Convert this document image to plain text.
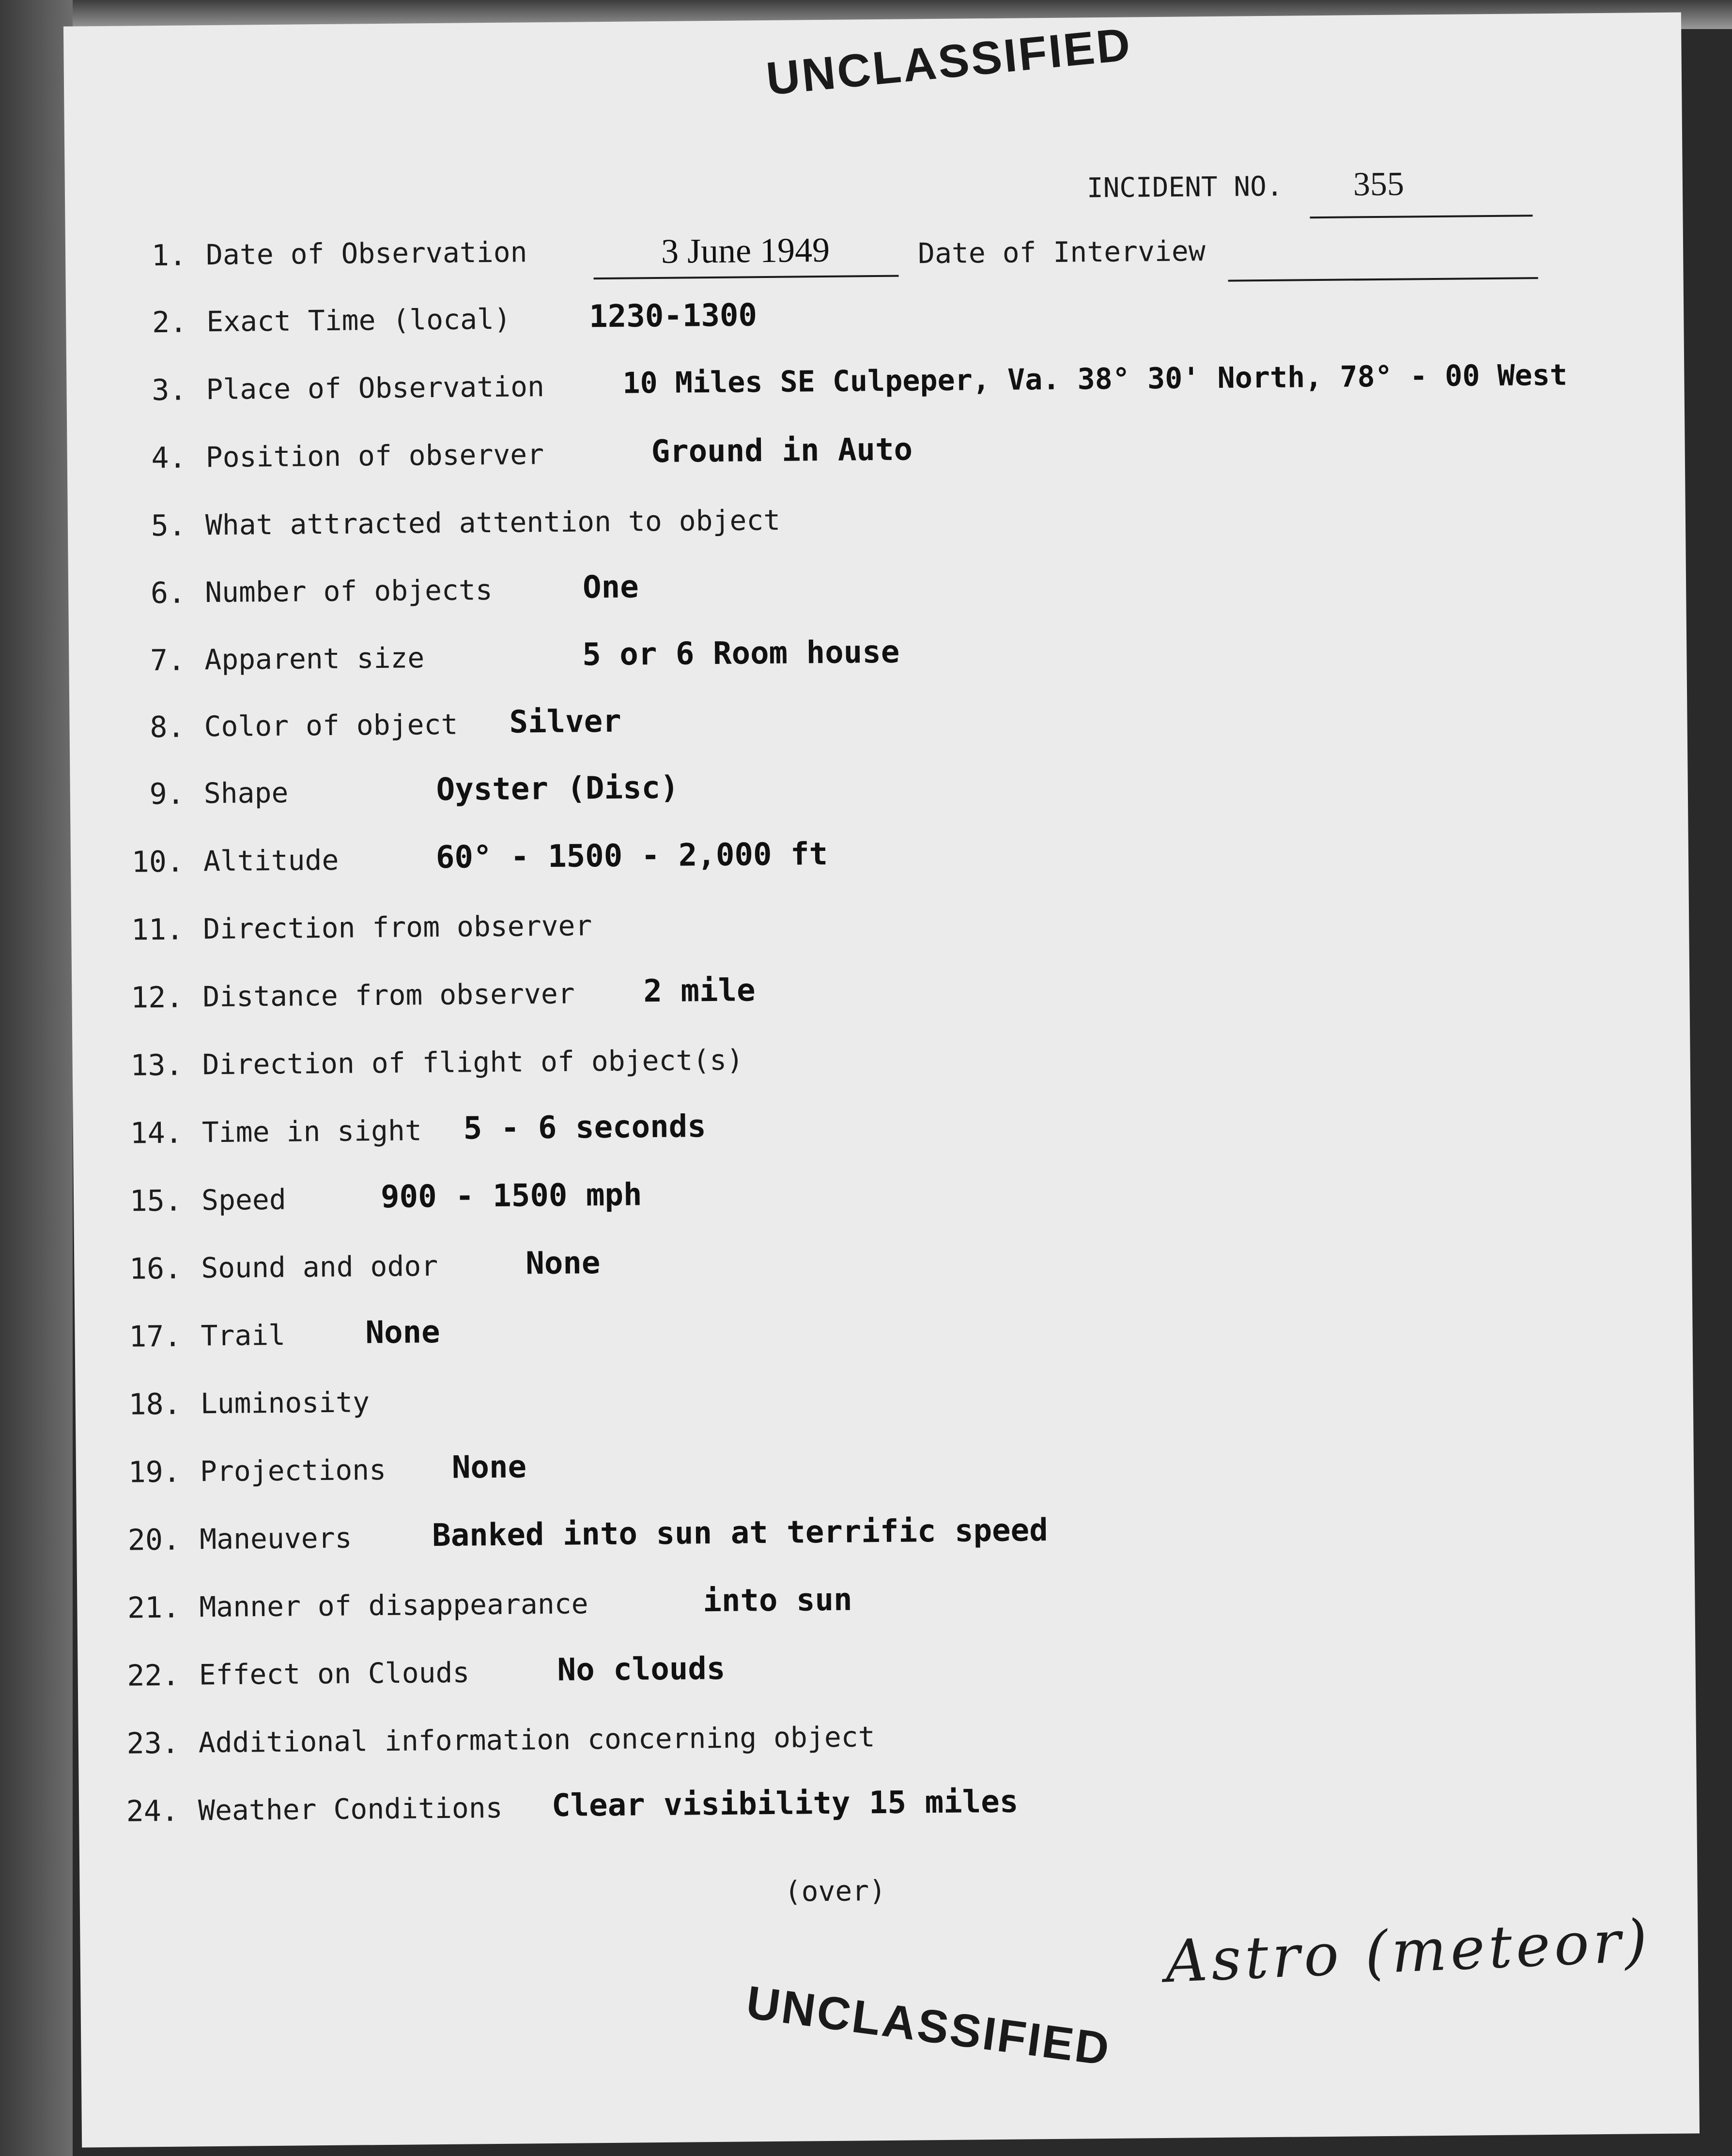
UNCLASSIFIED
INCIDENT NO. 355
1. Date of Observation	3 June 1949	Date of Interview
2. Exact Time (local)	1230-1300
3. Place of Observation	10 Miles SE Culpeper, Va. 38° 30' North, 78° - 00 West
4. Position of observer	Ground in Auto
5. What attracted attention to object
6. Number of objects	One
7. Apparent size	5 or 6 Room house
8. Color of object Silver
9. Shape	Oyster (Disc)
10. Altitude	60° - 1500 - 2,000 ft
11. Direction from observer
12. Distance from observer 2 mile
13. Direction of flight of object(s)
14. Time in sight 5 - 6 seconds
15. Speed	900 - 1500 mph
16. Sound and odor	None
17. Trail	None
18. Luminosity
19. Projections None
20. Maneuvers	Banked into sun at terrific speed
21. Manner of disappearance	into sun
22. Effect on Clouds	No clouds
23. Additional information concerning object
24. Weather Conditions Clear visibility 15 miles
(over)
Astro (meteor)
UNCLASSIFIED
